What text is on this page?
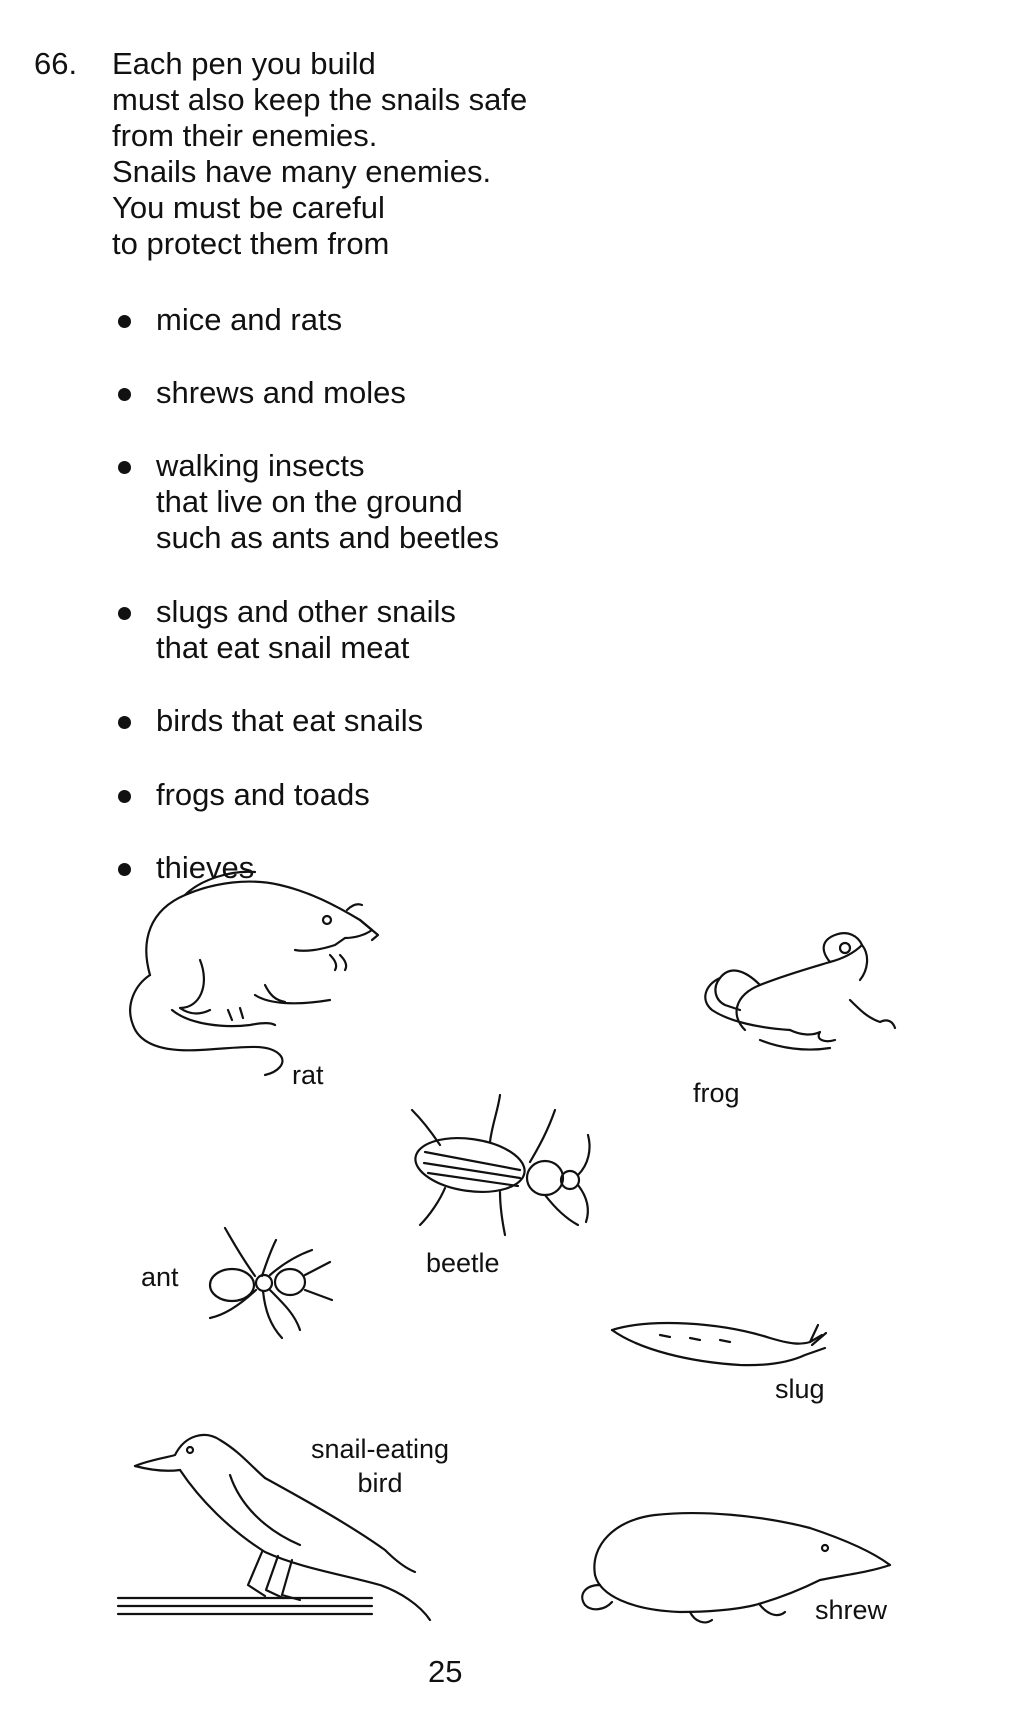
66. Each pen you build
must also keep the snails safe
from their enemies.
Snails have many enemies.
You must be careful
to protect them from
mice and rats
shrews and moles
walking insects
that live on the ground
such as ants and beetles
slugs and other snails
that eat snail meat
birds that eat snails
frogs and toads
thieves
rat
frog
beetle
ant
slug
snail-eating
bird
shrew
25
